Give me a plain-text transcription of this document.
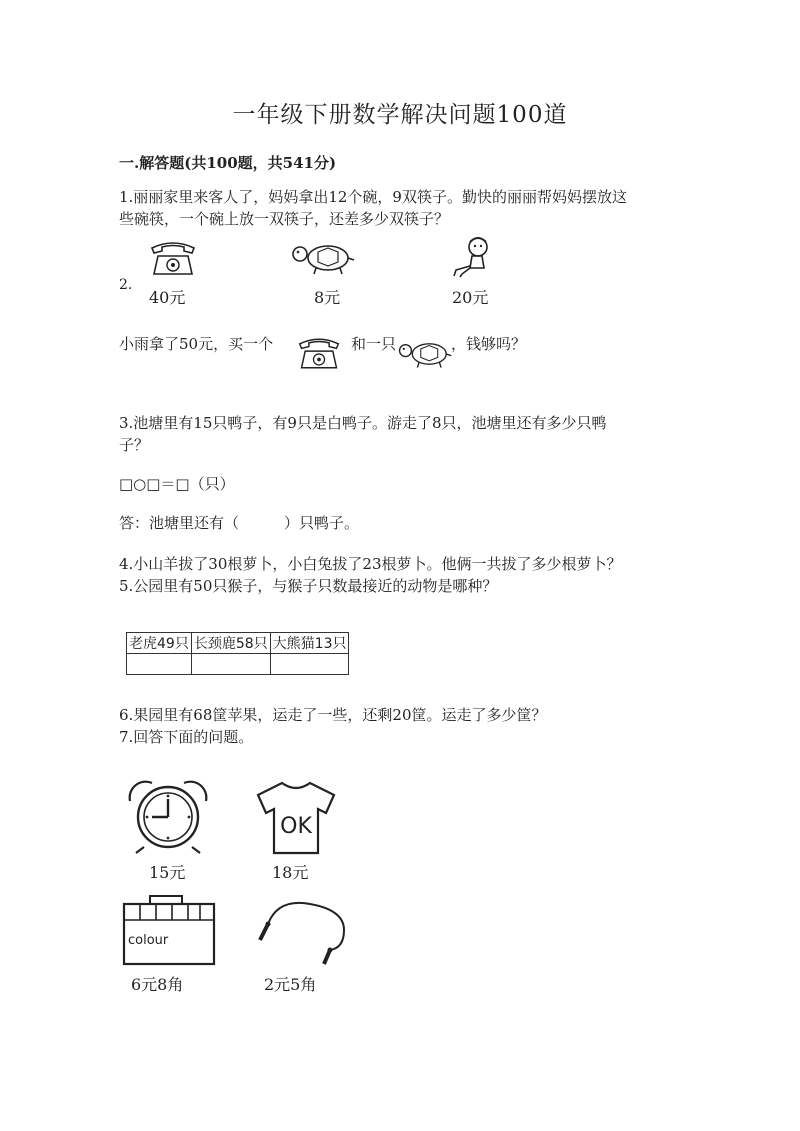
一年级下册数学解决问题100道
一.解答题(共100题，共541分)
1.丽丽家里来客人了，妈妈拿出12个碗，9双筷子。勤快的丽丽帮妈妈摆放这
些碗筷，一个碗上放一双筷子，还差多少双筷子？
2.
40元	8元	20元
小雨拿了50元，买一个	和一只	，钱够吗？
3.池塘里有15只鸭子，有9只是白鸭子。游走了8只，池塘里还有多少只鸭
子？
□○□＝□（只）
答：池塘里还有（　　　）只鸭子。
4.小山羊拔了30根萝卜，小白兔拔了23根萝卜。他俩一共拔了多少根萝卜？
5.公园里有50只猴子，与猴子只数最接近的动物是哪种？
老虎49只	长颈鹿58只	大熊猫13只

6.果园里有68筐苹果，运走了一些，还剩20筐。运走了多少筐？
7.回答下面的问题。
15元
OK
18元
colour
6元8角	2元5角
